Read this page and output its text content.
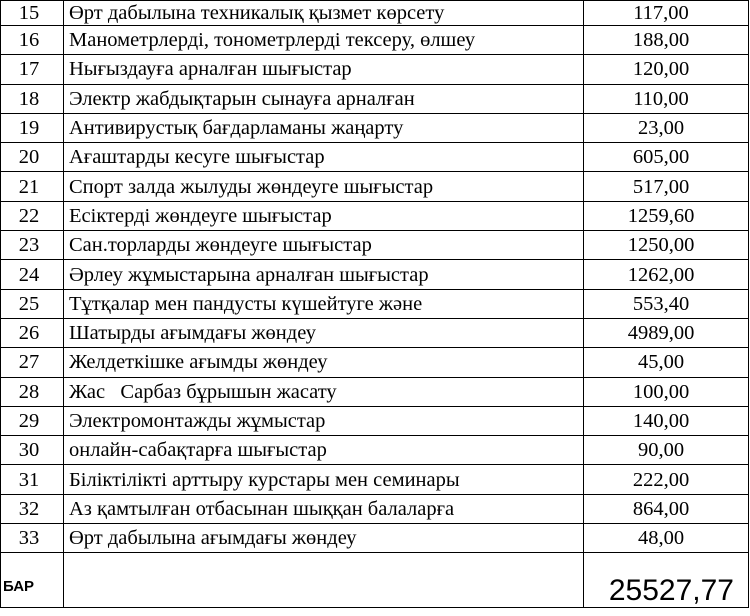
15	Өрт дабылына техникалық қызмет көрсету	117,00
16	Манометрлерді, тонометрлерді тексеру, өлшеу	188,00
17	Нығыздауға арналған шығыстар	120,00
18	Электр жабдықтарын сынауға арналған	110,00
19	Антивирустық бағдарламаны жаңарту	23,00
20	Ағаштарды кесуге шығыстар	605,00
21	Спорт залда жылуды жөндеуге шығыстар	517,00
22	Есіктерді жөндеуге шығыстар	1259,60
23	Сан.торларды жөндеуге шығыстар	1250,00
24	Әрлеу жұмыстарына арналған шығыстар	1262,00
25	Тұтқалар мен пандусты күшейтуге және	553,40
26	Шатырды ағымдағы жөндеу	4989,00
27	Желдеткішке ағымды жөндеу	45,00
28	Жас   Сарбаз бұрышын жасату	100,00
29	Электромонтажды жұмыстар	140,00
30	онлайн-сабақтарға шығыстар	90,00
31	Біліктілікті арттыру курстары мен семинары	222,00
32	Аз қамтылған отбасынан шыққан балаларға	864,00
33	Өрт дабылына ағымдағы жөндеу	48,00
БАР		25527,77
